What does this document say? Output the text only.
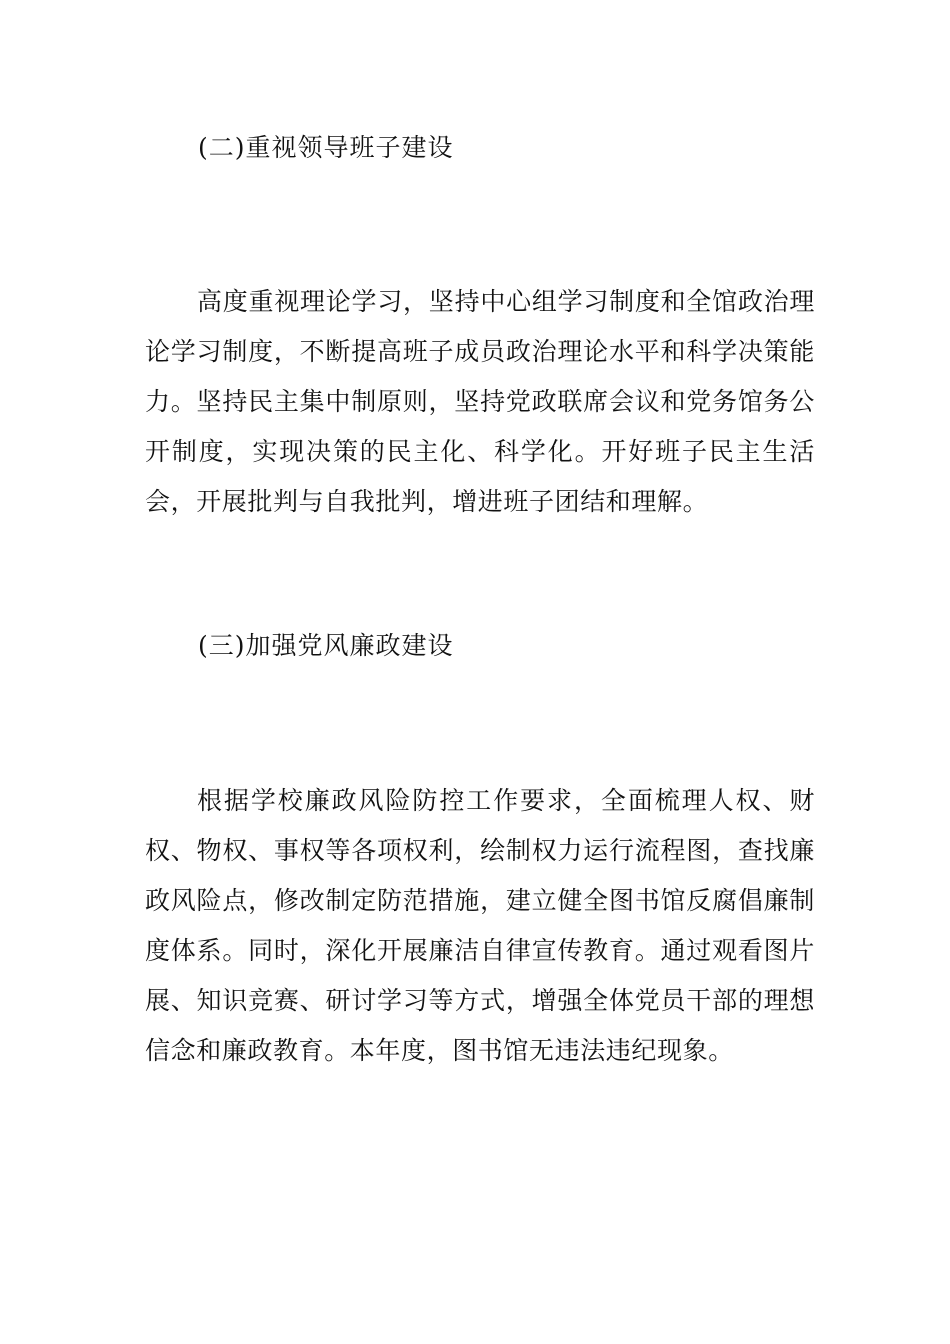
(二)重视领导班子建设

高度重视理论学习，坚持中心组学习制度和全馆政治理论学习制度，不断提高班子成员政治理论水平和科学决策能力。坚持民主集中制原则，坚持党政联席会议和党务馆务公开制度，实现决策的民主化、科学化。开好班子民主生活会，开展批判与自我批判，增进班子团结和理解。

(三)加强党风廉政建设

根据学校廉政风险防控工作要求，全面梳理人权、财权、物权、事权等各项权利，绘制权力运行流程图，查找廉政风险点，修改制定防范措施，建立健全图书馆反腐倡廉制度体系。同时，深化开展廉洁自律宣传教育。通过观看图片展、知识竞赛、研讨学习等方式，增强全体党员干部的理想信念和廉政教育。本年度，图书馆无违法违纪现象。
